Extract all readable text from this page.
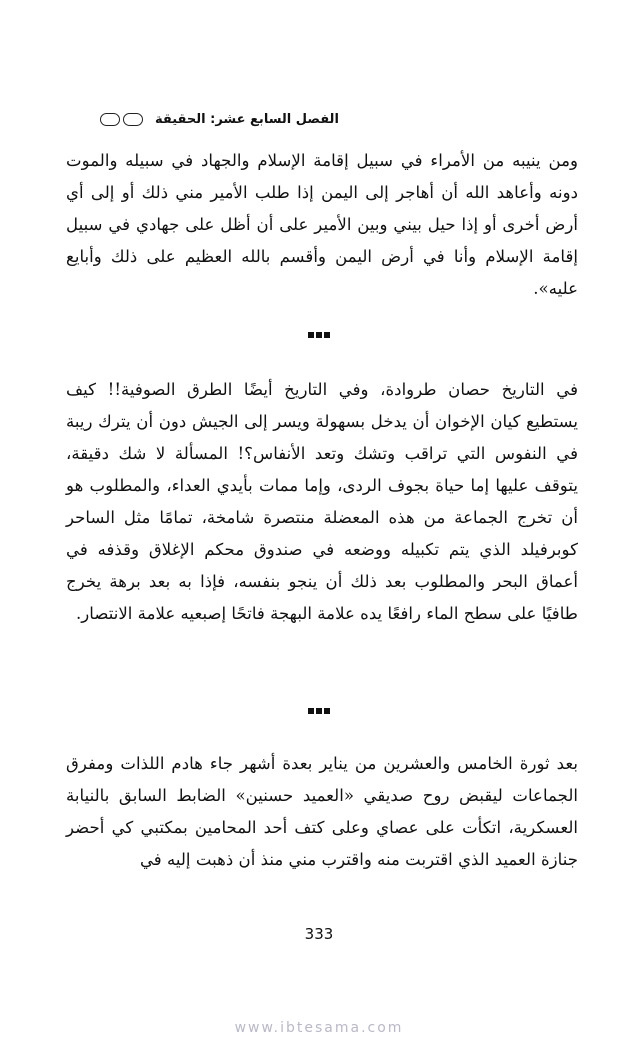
الفصل السابع عشر: الحقيقة

ومن ينيبه من الأمراء في سبيل إقامة الإسلام والجهاد في سبيله والموت دونه وأعاهد الله أن أهاجر إلى اليمن إذا طلب الأمير مني ذلك أو إلى أي أرض أخرى أو إذا حيل بيني وبين الأمير على أن أظل على جهادي في سبيل إقامة الإسلام وأنا في أرض اليمن وأقسم بالله العظيم على ذلك وأبايع عليه».

في التاريخ حصان طروادة، وفي التاريخ أيضًا الطرق الصوفية!! كيف يستطيع كيان الإخوان أن يدخل بسهولة ويسر إلى الجيش دون أن يترك ريبة في النفوس التي تراقب وتشك وتعد الأنفاس؟! المسألة لا شك دقيقة، يتوقف عليها إما حياة بجوف الردى، وإما ممات بأيدي العداء، والمطلوب هو أن تخرج الجماعة من هذه المعضلة منتصرة شامخة، تمامًا مثل الساحر كوبرفيلد الذي يتم تكبيله ووضعه في صندوق محكم الإغلاق وقذفه في أعماق البحر والمطلوب بعد ذلك أن ينجو بنفسه، فإذا به بعد برهة يخرج طافيًا على سطح الماء رافعًا يده علامة البهجة فاتحًا إصبعيه علامة الانتصار.

بعد ثورة الخامس والعشرين من يناير بعدة أشهر جاء هادم اللذات ومفرق الجماعات ليقبض روح صديقي «العميد حسنين» الضابط السابق بالنيابة العسكرية، اتكأت على عصاي وعلى كتف أحد المحامين بمكتبي كي أحضر جنازة العميد الذي اقتربت منه واقترب مني منذ أن ذهبت إليه في

333
www.ibtesama.com
